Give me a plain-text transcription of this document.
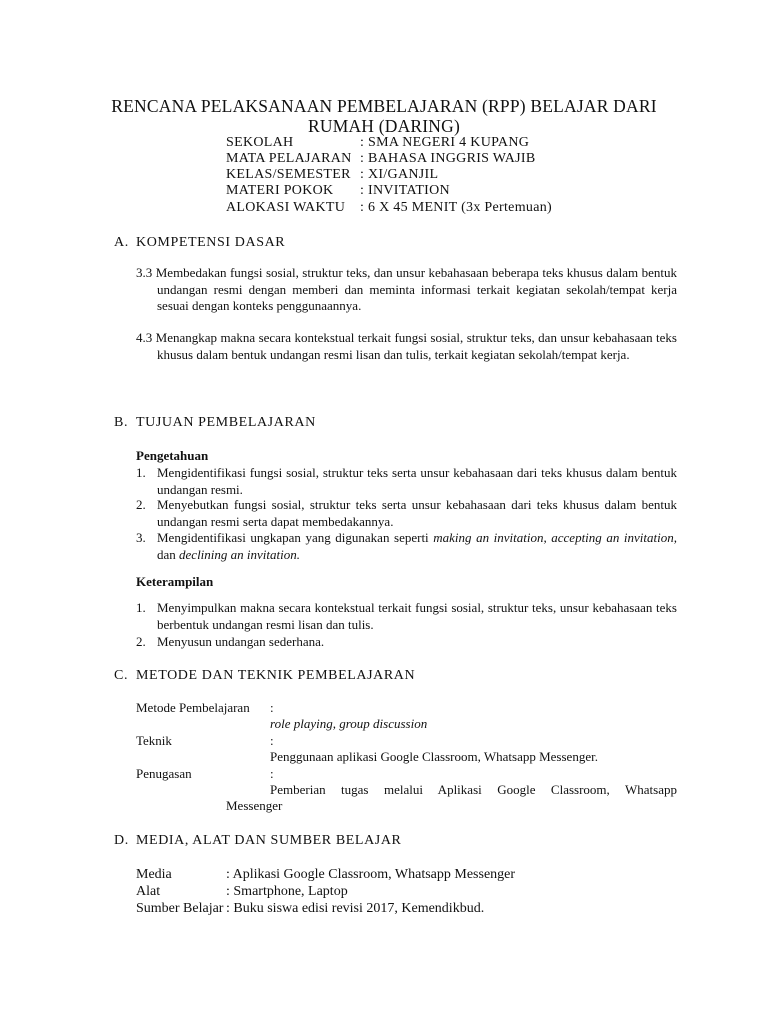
RENCANA PELAKSANAAN PEMBELAJARAN (RPP) BELAJAR DARI
RUMAH (DARING)
SEKOLAH	: SMA NEGERI 4 KUPANG
MATA PELAJARAN : BAHASA INGGRIS WAJIB
KELAS/SEMESTER : XI/GANJIL
MATERI POKOK : INVITATION
ALOKASI WAKTU : 6 X 45 MENIT (3x Pertemuan)
A. KOMPETENSI DASAR
3.3 Membedakan fungsi sosial, struktur teks, dan unsur kebahasaan beberapa teks khusus dalam bentuk undangan resmi dengan memberi dan meminta informasi terkait kegiatan sekolah/tempat kerja sesuai dengan konteks penggunaannya.
4.3 Menangkap makna secara kontekstual terkait fungsi sosial, struktur teks, dan unsur kebahasaan teks khusus dalam bentuk undangan resmi lisan dan tulis, terkait kegiatan sekolah/tempat kerja.
B. TUJUAN PEMBELAJARAN
Pengetahuan
1. Mengidentifikasi fungsi sosial, struktur teks serta unsur kebahasaan dari teks khusus dalam bentuk undangan resmi.
2. Menyebutkan fungsi sosial, struktur teks serta unsur kebahasaan dari teks khusus dalam bentuk undangan resmi serta dapat membedakannya.
3. Mengidentifikasi ungkapan yang digunakan seperti making an invitation, accepting an invitation, dan declining an invitation.
Keterampilan
1. Menyimpulkan makna secara kontekstual terkait fungsi sosial, struktur teks, unsur kebahasaan teks berbentuk undangan resmi lisan dan tulis.
2. Menyusun undangan sederhana.
C. METODE DAN TEKNIK PEMBELAJARAN
Metode Pembelajaran :
role playing, group discussion
Teknik	:
Penggunaan aplikasi Google Classroom, Whatsapp Messenger.
Penugasan	:
Pemberian tugas melalui Aplikasi Google Classroom, Whatsapp
Messenger
D. MEDIA, ALAT DAN SUMBER BELAJAR
Media	: Aplikasi Google Classroom, Whatsapp Messenger
Alat	: Smartphone, Laptop
Sumber Belajar : Buku siswa edisi revisi 2017, Kemendikbud.
